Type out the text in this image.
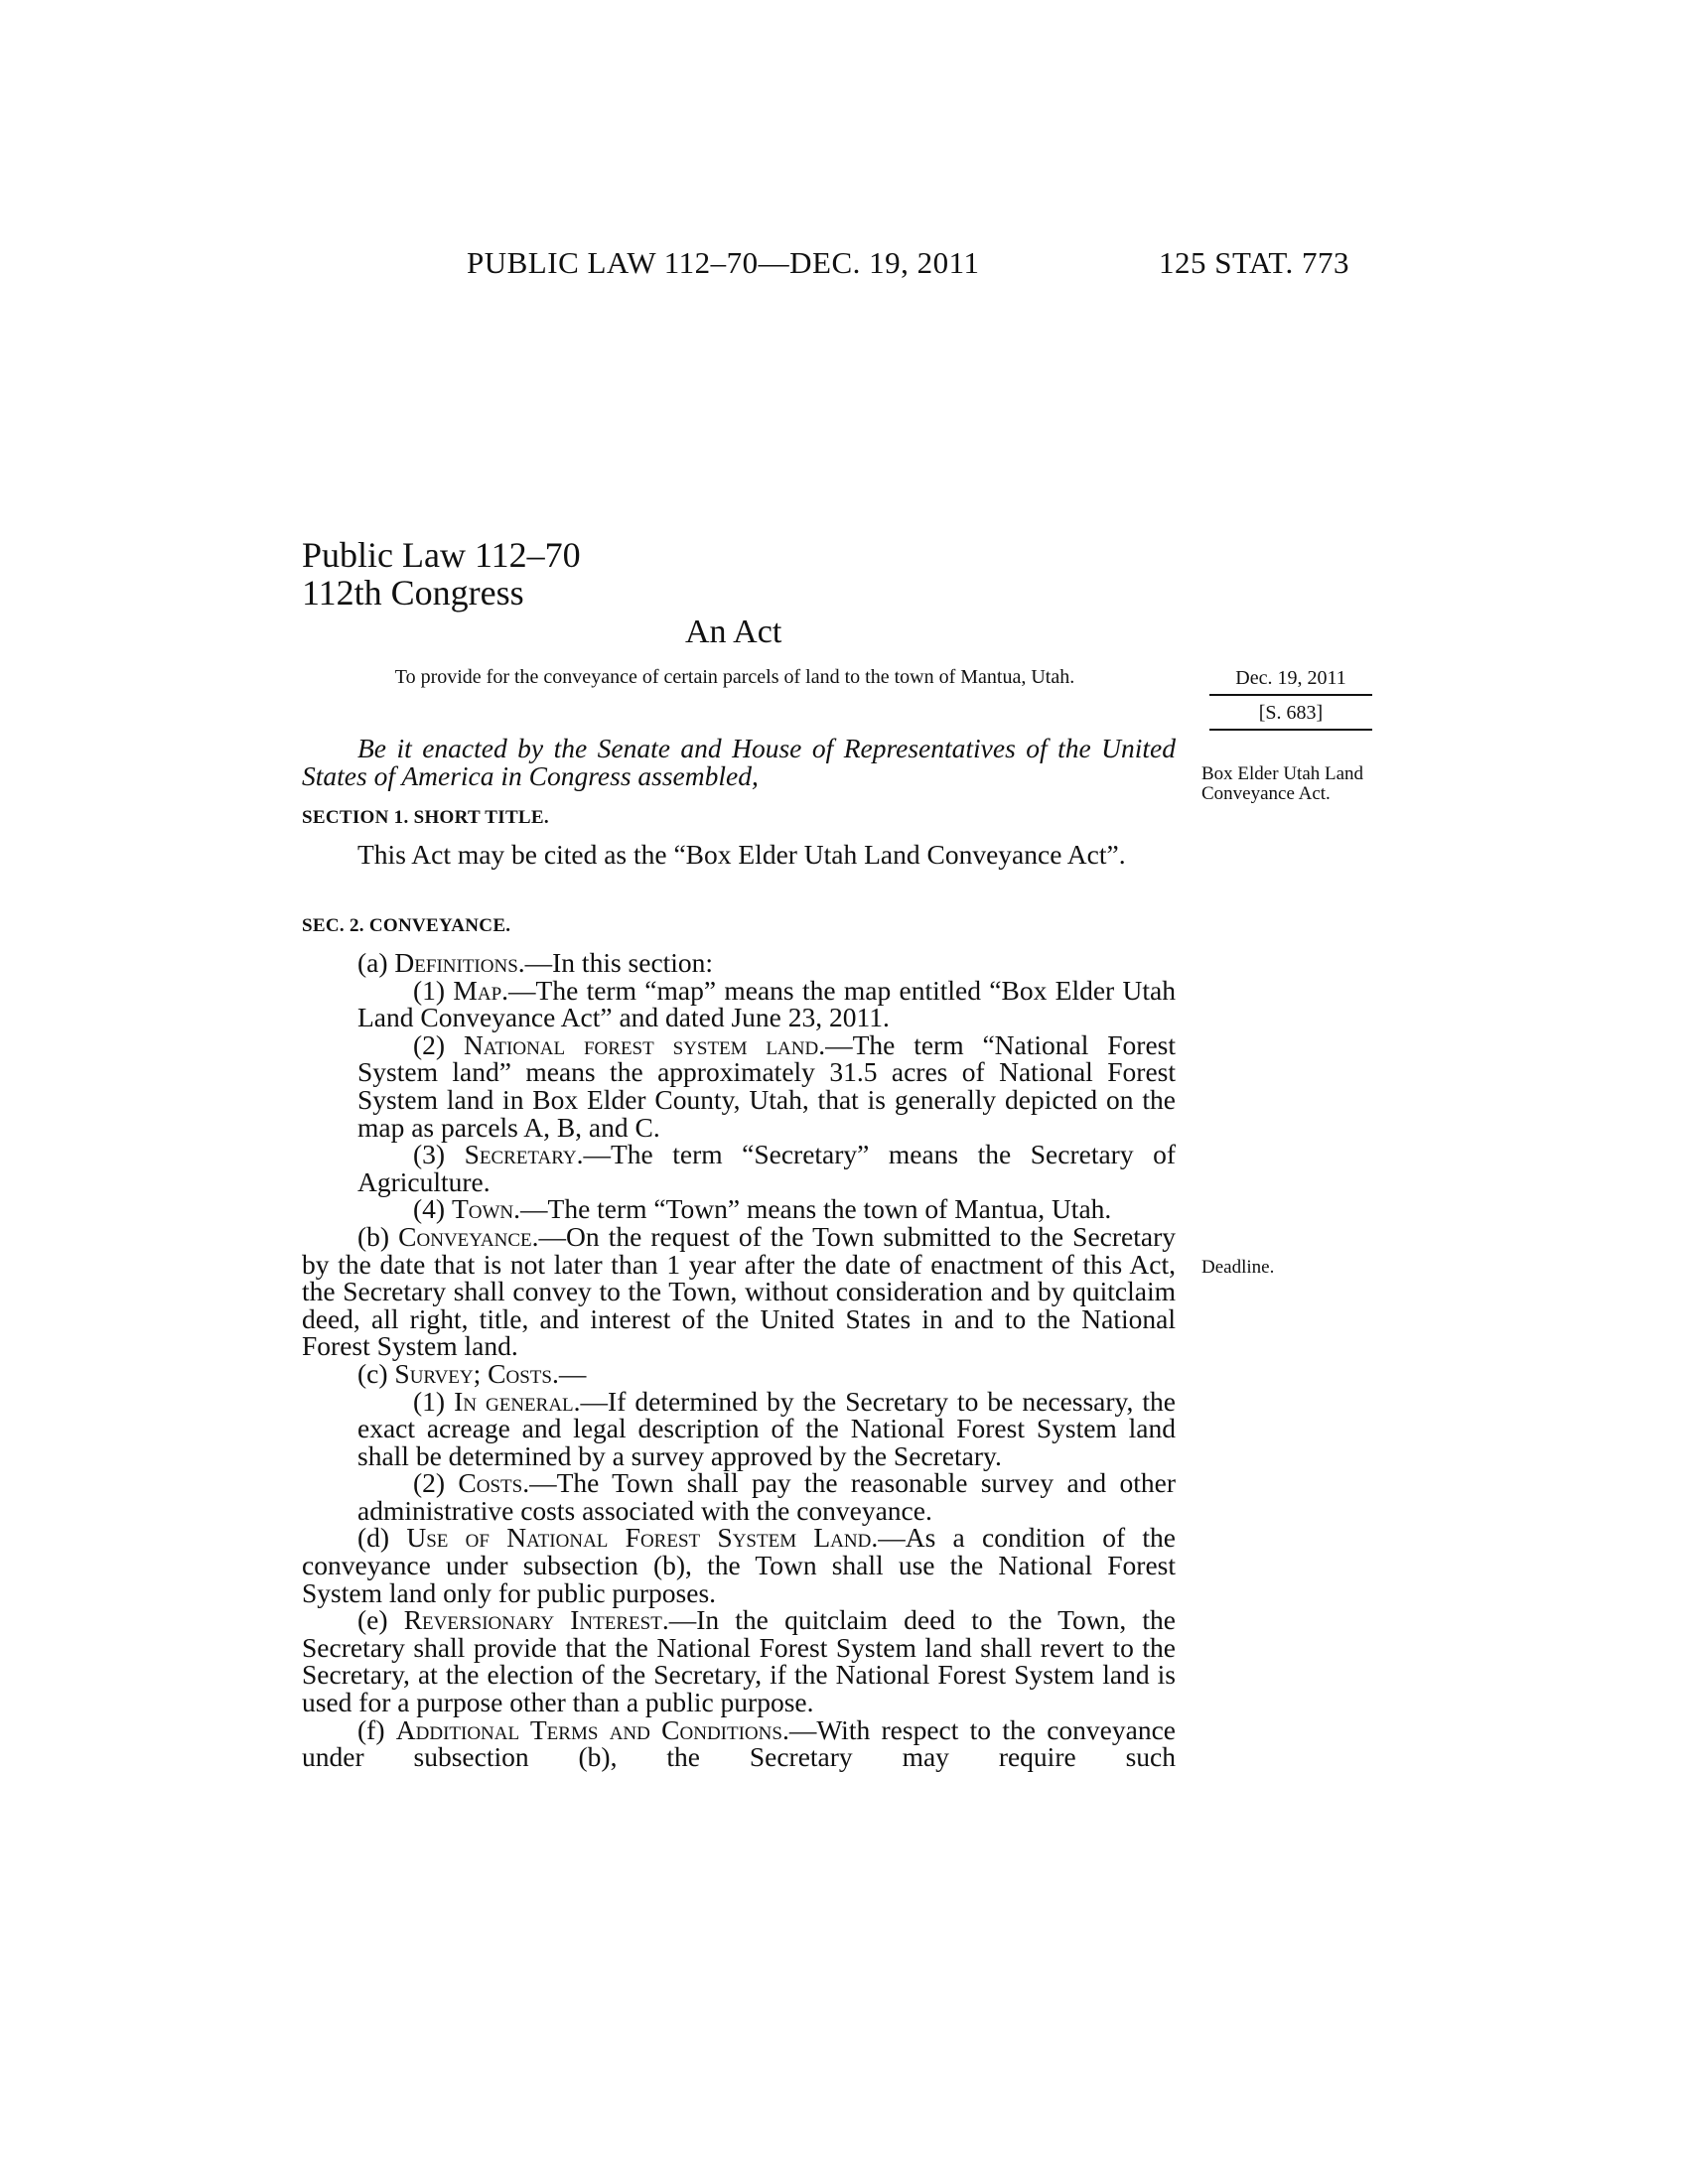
PUBLIC LAW 112–70—DEC. 19, 2011	125 STAT. 773
Public Law 112–70
112th Congress
An Act
To provide for the conveyance of certain parcels of land to the town of Mantua, Utah.	Dec. 19, 2011
[S. 683]
Be it enacted by the Senate and House of Representatives of the United States of America in Congress assembled,	Box Elder Utah Land Conveyance Act.
SECTION 1. SHORT TITLE.

This Act may be cited as the “Box Elder Utah Land Conveyance Act”.

SEC. 2. CONVEYANCE.
Deadline.

(a) Definitions.—In this section:

(1) Map.—The term “map” means the map entitled “Box Elder Utah Land Conveyance Act” and dated June 23, 2011.

(2) National forest system land.—The term “National Forest System land” means the approximately 31.5 acres of National Forest System land in Box Elder County, Utah, that is generally depicted on the map as parcels A, B, and C.

(3) Secretary.—The term “Secretary” means the Secretary of Agriculture.

(4) Town.—The term “Town” means the town of Mantua, Utah.

(b) Conveyance.—On the request of the Town submitted to the Secretary by the date that is not later than 1 year after the date of enactment of this Act, the Secretary shall convey to the Town, without consideration and by quitclaim deed, all right, title, and interest of the United States in and to the National Forest System land.

(c) Survey; Costs.—

(1) In general.—If determined by the Secretary to be necessary, the exact acreage and legal description of the National Forest System land shall be determined by a survey approved by the Secretary.

(2) Costs.—The Town shall pay the reasonable survey and other administrative costs associated with the conveyance.

(d) Use of National Forest System Land.—As a condition of the conveyance under subsection (b), the Town shall use the National Forest System land only for public purposes.

(e) Reversionary Interest.—In the quitclaim deed to the Town, the Secretary shall provide that the National Forest System land shall revert to the Secretary, at the election of the Secretary, if the National Forest System land is used for a purpose other than a public purpose.

(f) Additional Terms and Conditions.—With respect to the conveyance under subsection (b), the Secretary may require such
